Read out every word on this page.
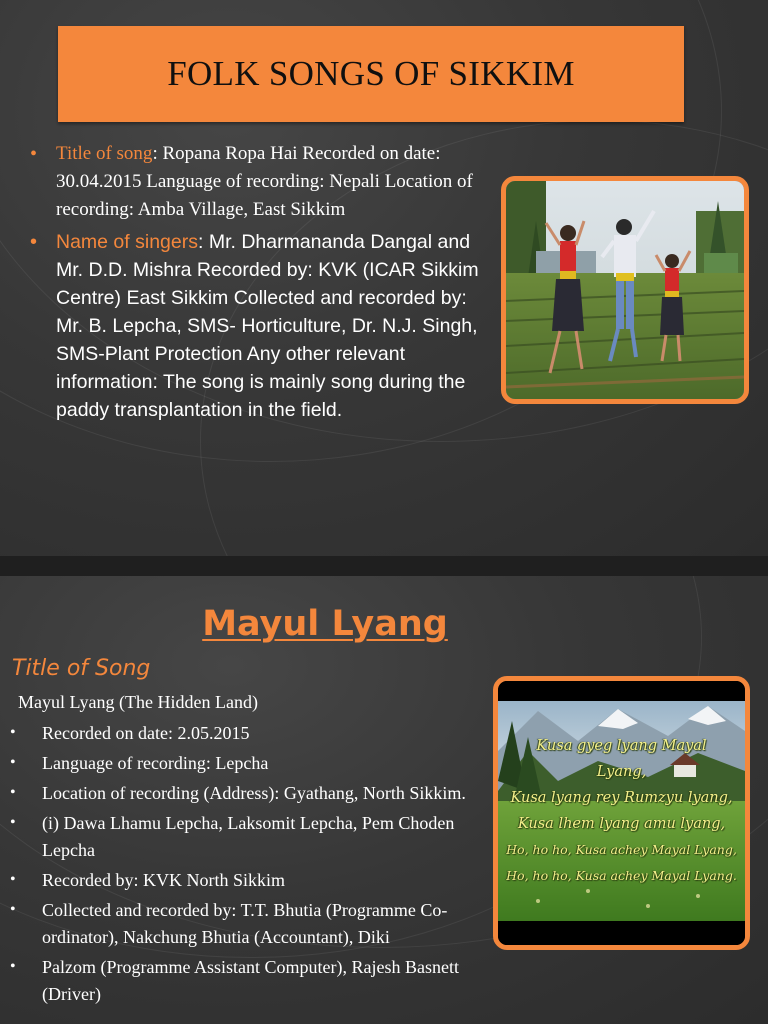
FOLK SONGS OF SIKKIM
• Title of song: Ropana Ropa Hai Recorded on date: 30.04.2015 Language of recording: Nepali Location of recording: Amba Village, East Sikkim
• Name of singers: Mr. Dharmananda Dangal and Mr. D.D. Mishra Recorded by: KVK (ICAR Sikkim Centre) East Sikkim Collected and recorded by: Mr. B. Lepcha, SMS- Horticulture, Dr. N.J. Singh, SMS-Plant Protection Any other relevant information: The song is mainly song during the paddy transplantation in the field.
Mayul Lyang
Title of Song
Mayul Lyang (The Hidden Land)
• Recorded on date: 2.05.2015
• Language of recording: Lepcha
• Location of recording (Address): Gyathang, North Sikkim.
• (i) Dawa Lhamu Lepcha, Laksomit Lepcha, Pem Choden Lepcha
• Recorded by: KVK North Sikkim
• Collected and recorded by: T.T. Bhutia (Programme Co-ordinator), Nakchung Bhutia (Accountant), Diki
• Palzom (Programme Assistant Computer), Rajesh Basnett (Driver)
Kusa gyeg lyang Mayal
Lyang,
Kusa lyang rey Rumzyu lyang,
Kusa lhem lyang amu lyang,
Ho, ho ho, Kusa achey Mayal Lyang,
Ho, ho ho, Kusa achey Mayal Lyang.
